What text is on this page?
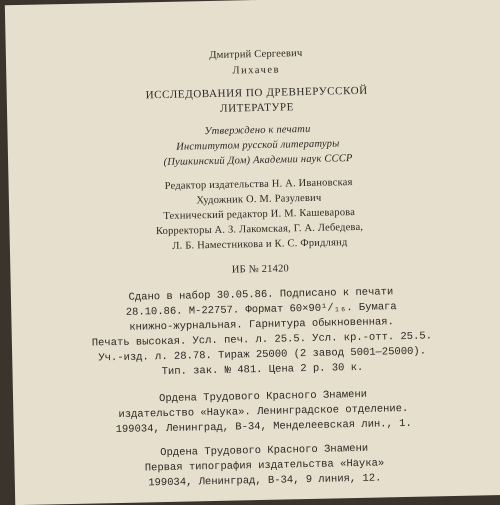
Дмитрий Сергеевич
Лихачев
ИССЛЕДОВАНИЯ ПО ДРЕВНЕРУССКОЙ
ЛИТЕРАТУРЕ
Утверждено к печати
Институтом русской литературы
(Пушкинский Дом) Академии наук СССР
Редактор издательства Н. А. Ивановская
Художник О. М. Разулевич
Технический редактор И. М. Кашеварова
Корректоры А. З. Лакомская, Г. А. Лебедева,
Л. Б. Наместникова и К. С. Фридлянд
ИБ № 21420
Сдано в набор 30.05.86. Подписано к печати
28.10.86. М-22757. Формат 60×90¹/₁₆. Бумага
книжно-журнальная. Гарнитура обыкновенная.
Печать высокая. Усл. печ. л. 25.5. Усл. кр.-отт. 25.5.
Уч.-изд. л. 28.78. Тираж 25000 (2 завод 5001—25000).
Тип. зак. № 481. Цена 2 р. 30 к.
Ордена Трудового Красного Знамени
издательство «Наука». Ленинградское отделение.
199034, Ленинград, В-34, Менделеевская лин., 1.
Ордена Трудового Красного Знамени
Первая типография издательства «Наука»
199034, Ленинград, В-34, 9 линия, 12.
